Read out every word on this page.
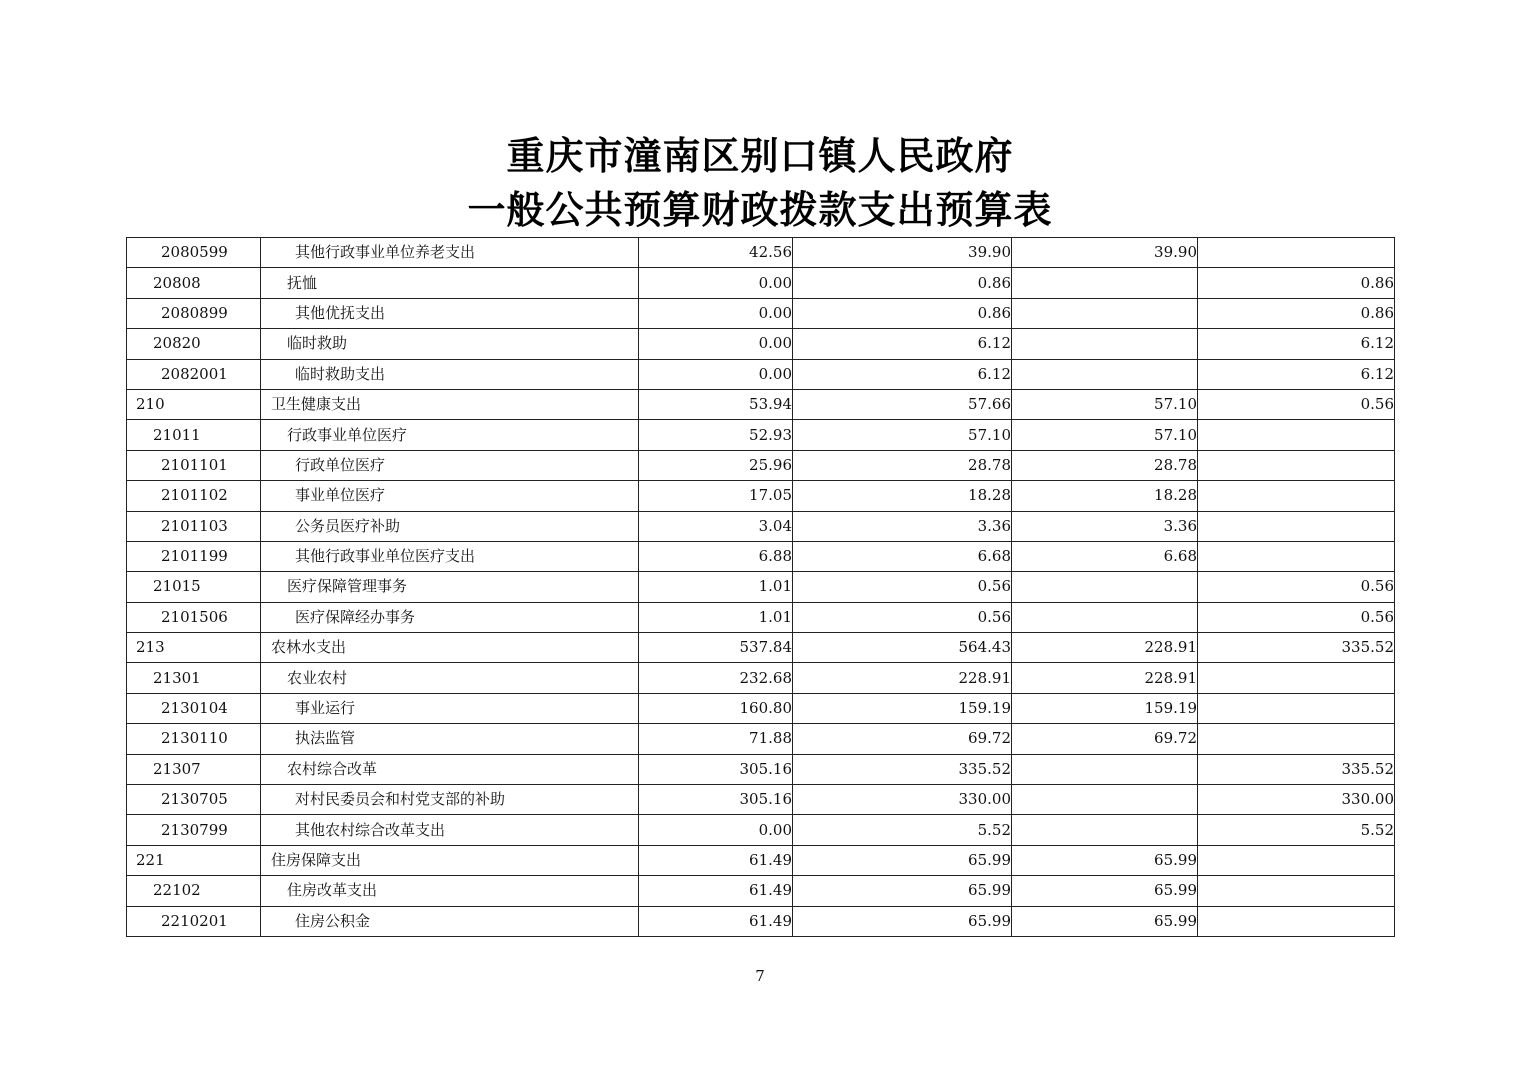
重庆市潼南区别口镇人民政府
一般公共预算财政拨款支出预算表
2080599	其他行政事业单位养老支出	42.56	39.90	39.90	
20808	抚恤	0.00	0.86		0.86
2080899	其他优抚支出	0.00	0.86		0.86
20820	临时救助	0.00	6.12		6.12
2082001	临时救助支出	0.00	6.12		6.12
210	卫生健康支出	53.94	57.66	57.10	0.56
21011	行政事业单位医疗	52.93	57.10	57.10	
2101101	行政单位医疗	25.96	28.78	28.78	
2101102	事业单位医疗	17.05	18.28	18.28	
2101103	公务员医疗补助	3.04	3.36	3.36	
2101199	其他行政事业单位医疗支出	6.88	6.68	6.68	
21015	医疗保障管理事务	1.01	0.56		0.56
2101506	医疗保障经办事务	1.01	0.56		0.56
213	农林水支出	537.84	564.43	228.91	335.52
21301	农业农村	232.68	228.91	228.91	
2130104	事业运行	160.80	159.19	159.19	
2130110	执法监管	71.88	69.72	69.72	
21307	农村综合改革	305.16	335.52		335.52
2130705	对村民委员会和村党支部的补助	305.16	330.00		330.00
2130799	其他农村综合改革支出	0.00	5.52		5.52
221	住房保障支出	61.49	65.99	65.99	
22102	住房改革支出	61.49	65.99	65.99	
2210201	住房公积金	61.49	65.99	65.99	
7
